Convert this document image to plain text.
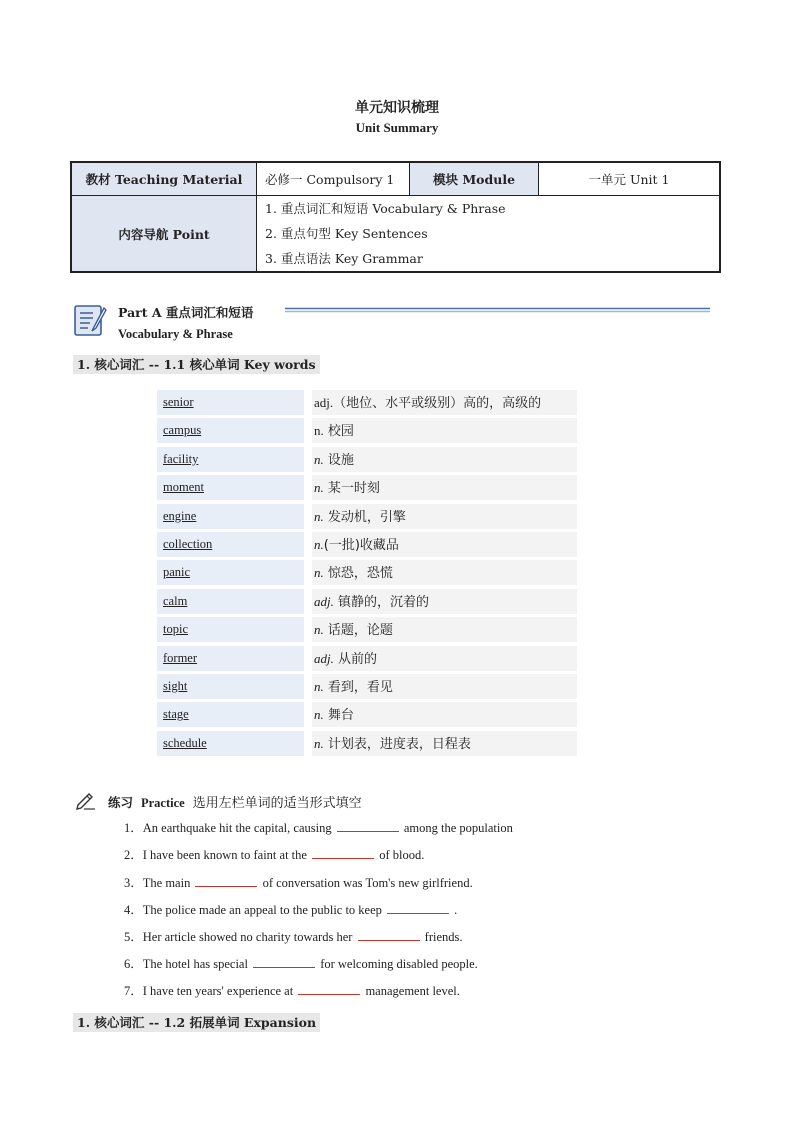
单元知识梳理
Unit Summary
教材 Teaching Material	必修一 Compulsory 1	模块 Module	一单元 Unit 1
内容导航 Point	1. 重点词汇和短语 Vocabulary & Phrase
2. 重点句型 Key Sentences
3. 重点语法 Key Grammar		
Part A 重点词汇和短语
Vocabulary & Phrase
1. 核心词汇 -- 1.1 核心单词 Key words
senior	adj.（地位、水平或级别）高的，高级的
campus	n. 校园
facility	n. 设施
moment	n. 某一时刻
engine	n. 发动机，引擎
collection	n.(一批)收藏品
panic	n. 惊恐，恐慌
calm	adj. 镇静的，沉着的
topic	n. 话题，论题
former	adj. 从前的
sight	n. 看到，看见
stage	n. 舞台
schedule	n. 计划表，进度表，日程表
练习 Practice 选用左栏单词的适当形式填空
1．An earthquake hit the capital, causing	among the population
2．I have been known to faint at the	of blood.
3．The main	of conversation was Tom's new girlfriend.
4．The police made an appeal to the public to keep	.
5．Her article showed no charity towards her	friends.
6．The hotel has special	for welcoming disabled people.
7．I have ten years' experience at	management level.
1. 核心词汇 -- 1.2 拓展单词 Expansion
